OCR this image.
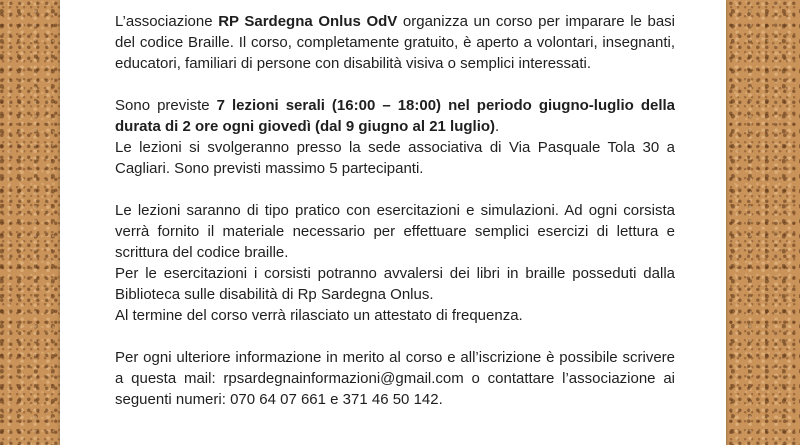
L’associazione RP Sardegna Onlus OdV organizza un corso per imparare le basi del codice Braille. Il corso, completamente gratuito, è aperto a volontari, insegnanti, educatori, familiari di persone con disabilità visiva o semplici interessati.

Sono previste 7 lezioni serali (16:00 – 18:00) nel periodo giugno-luglio della durata di 2 ore ogni giovedì (dal 9 giugno al 21 luglio).

Le lezioni si svolgeranno presso la sede associativa di Via Pasquale Tola 30 a Cagliari. Sono previsti massimo 5 partecipanti.

Le lezioni saranno di tipo pratico con esercitazioni e simulazioni. Ad ogni corsista verrà fornito il materiale necessario per effettuare semplici esercizi di lettura e scrittura del codice braille.

Per le esercitazioni i corsisti potranno avvalersi dei libri in braille posseduti dalla Biblioteca sulle disabilità di Rp Sardegna Onlus.

Al termine del corso verrà rilasciato un attestato di frequenza.

Per ogni ulteriore informazione in merito al corso e all’iscrizione è possibile scrivere a questa mail: rpsardegnainformazioni@gmail.com o contattare l’associazione ai seguenti numeri: 070 64 07 661 e 371 46 50 142.
